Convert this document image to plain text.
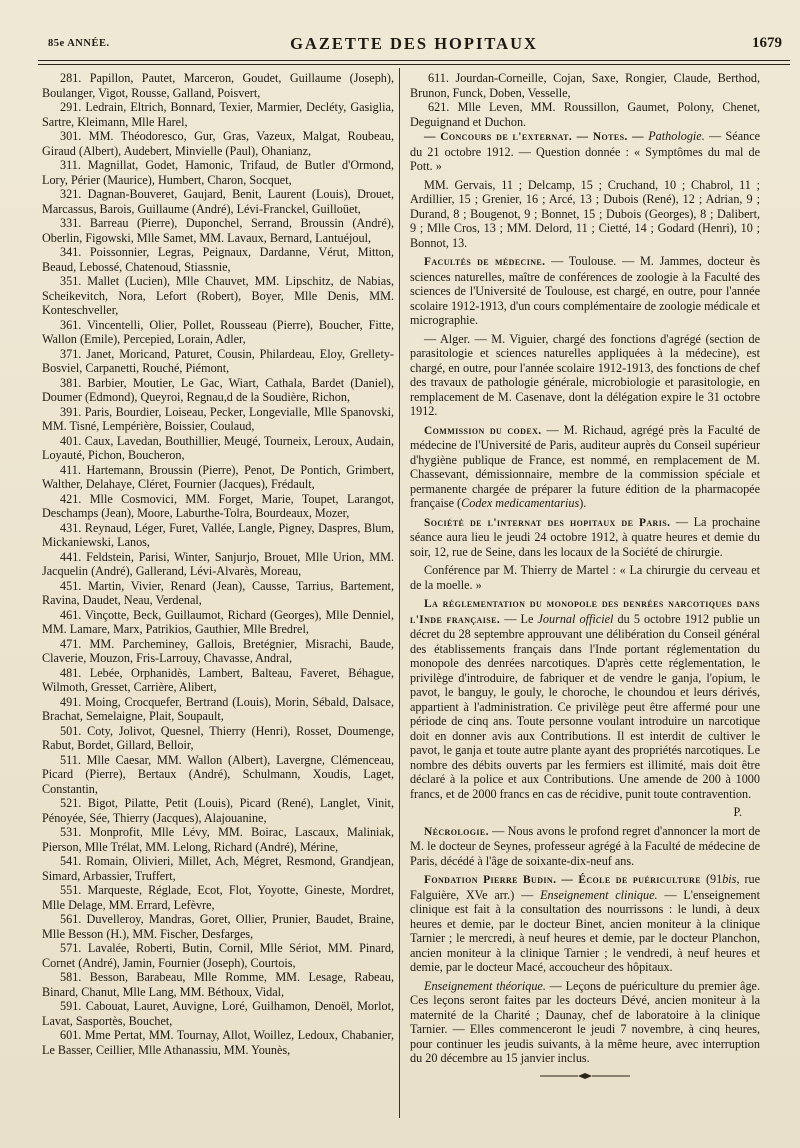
85e ANNÉE.	GAZETTE DES HOPITAUX	1679

281. Papillon, Pautet, Marceron, Goudet, Guillaume (Joseph), Boulanger, Vigot, Rousse, Galland, Poisvert,

291. Ledrain, Eltrich, Bonnard, Texier, Marmier, Decléty, Gasiglia, Sartre, Kleimann, Mlle Harel,

301. MM. Théodoresco, Gur, Gras, Vazeux, Malgat, Roubeau, Giraud (Albert), Audebert, Minvielle (Paul), Ohanianz,

311. Magnillat, Godet, Hamonic, Trifaud, de Butler d'Ormond, Lory, Périer (Maurice), Humbert, Charon, Socquet,

321. Dagnan-Bouveret, Gaujard, Benit, Laurent (Louis), Drouet, Marcassus, Barois, Guillaume (André), Lévi-Franckel, Guilloüet,

331. Barreau (Pierre), Duponchel, Serrand, Broussin (André), Oberlin, Figowski, Mlle Samet, MM. Lavaux, Bernard, Lantuéjoul,

341. Poissonnier, Legras, Peignaux, Dardanne, Vérut, Mitton, Beaud, Lebossé, Chatenoud, Stiassnie,

351. Mallet (Lucien), Mlle Chauvet, MM. Lipschitz, de Nabias, Scheikevitch, Nora, Lefort (Robert), Boyer, Mlle Denis, MM. Konteschveller,

361. Vincentelli, Olier, Pollet, Rousseau (Pierre), Boucher, Fitte, Wallon (Emile), Percepied, Lorain, Adler,

371. Janet, Moricand, Paturet, Cousin, Philardeau, Eloy, Grellety-Bosviel, Carpanetti, Rouché, Piémont,

381. Barbier, Moutier, Le Gac, Wiart, Cathala, Bardet (Daniel), Doumer (Edmond), Queyroi, Regnau,d de la Soudière, Richon,

391. Paris, Bourdier, Loiseau, Pecker, Longevialle, Mlle Spanovski, MM. Tisné, Lempérière, Boissier, Coulaud,

401. Caux, Lavedan, Bouthillier, Meugé, Tourneix, Leroux, Audain, Loyauté, Pichon, Boucheron,

411. Hartemann, Broussin (Pierre), Penot, De Pontich, Grimbert, Walther, Delahaye, Cléret, Fournier (Jacques), Frédault,

421. Mlle Cosmovici, MM. Forget, Marie, Toupet, Larangot, Deschamps (Jean), Moore, Laburthe-Tolra, Bourdeaux, Mozer,

431. Reynaud, Léger, Furet, Vallée, Langle, Pigney, Daspres, Blum, Mickaniewski, Lanos,

441. Feldstein, Parisi, Winter, Sanjurjo, Brouet, Mlle Urion, MM. Jacquelin (André), Gallerand, Lévi-Alvarès, Moreau,

451. Martin, Vivier, Renard (Jean), Causse, Tarrius, Bartement, Ravina, Daudet, Neau, Verdenal,

461. Vinçotte, Beck, Guillaumot, Richard (Georges), Mlle Denniel, MM. Lamare, Marx, Patrikios, Gauthier, Mlle Bredrel,

471. MM. Parcheminey, Gallois, Bretégnier, Misrachi, Baude, Claverie, Mouzon, Fris-Larrouy, Chavasse, Andral,

481. Lebée, Orphanidès, Lambert, Balteau, Faveret, Béhague, Wilmoth, Gresset, Carrière, Alibert,

491. Moing, Crocquefer, Bertrand (Louis), Morin, Sébald, Dalsace, Brachat, Semelaigne, Plait, Soupault,

501. Coty, Jolivot, Quesnel, Thierry (Henri), Rosset, Doumenge, Rabut, Bordet, Gillard, Belloir,

511. Mlle Caesar, MM. Wallon (Albert), Lavergne, Clémenceau, Picard (Pierre), Bertaux (André), Schulmann, Xoudis, Laget, Constantin,

521. Bigot, Pilatte, Petit (Louis), Picard (René), Langlet, Vinit, Pénoyée, Sée, Thierry (Jacques), Alajouanine,

531. Monprofit, Mlle Lévy, MM. Boirac, Lascaux, Maliniak, Pierson, Mlle Trélat, MM. Lelong, Richard (André), Mérine,

541. Romain, Olivieri, Millet, Ach, Mégret, Resmond, Grandjean, Simard, Arbassier, Truffert,

551. Marqueste, Réglade, Ecot, Flot, Yoyotte, Gineste, Mordret, Mlle Delage, MM. Errard, Lefèvre,

561. Duvelleroy, Mandras, Goret, Ollier, Prunier, Baudet, Braine, Mlle Besson (H.), MM. Fischer, Desfarges,

571. Lavalée, Roberti, Butin, Cornil, Mlle Sériot, MM. Pinard, Cornet (André), Jamin, Fournier (Joseph), Courtois,

581. Besson, Barabeau, Mlle Romme, MM. Lesage, Rabeau, Binard, Chanut, Mlle Lang, MM. Béthoux, Vidal,

591. Cabouat, Lauret, Auvigne, Loré, Guilhamon, Denoël, Morlot, Lavat, Sasportès, Bouchet,

601. Mme Pertat, MM. Tournay, Allot, Woillez, Ledoux, Chabanier, Le Basser, Ceillier, Mlle Athanassiu, MM. Younès,

611. Jourdan-Corneille, Cojan, Saxe, Rongier, Claude, Berthod, Brunon, Funck, Doben, Vesselle,

621. Mlle Leven, MM. Roussillon, Gaumet, Polony, Chenet, Deguignand et Duchon.

— Concours de l'externat. — Notes. — Pathologie. — Séance du 21 octobre 1912. — Question donnée : « Symptômes du mal de Pott. »

MM. Gervais, 11 ; Delcamp, 15 ; Cruchand, 10 ; Chabrol, 11 ; Ardillier, 15 ; Grenier, 16 ; Arcé, 13 ; Dubois (René), 12 ; Adrian, 9 ; Durand, 8 ; Bougenot, 9 ; Bonnet, 15 ; Dubois (Georges), 8 ; Dalibert, 9 ; Mlle Cros, 13 ; MM. Delord, 11 ; Cietté, 14 ; Godard (Henri), 10 ; Bonnot, 13.

Facultés de médecine. — Toulouse. — M. Jammes, docteur ès sciences naturelles, maître de conférences de zoologie à la Faculté des sciences de l'Université de Toulouse, est chargé, en outre, pour l'année scolaire 1912-1913, d'un cours complémentaire de zoologie médicale et micrographie.

— Alger. — M. Viguier, chargé des fonctions d'agrégé (section de parasitologie et sciences naturelles appliquées à la médecine), est chargé, en outre, pour l'année scolaire 1912-1913, des fonctions de chef des travaux de pathologie générale, microbiologie et parasitologie, en remplacement de M. Casenave, dont la délégation expire le 31 octobre 1912.

Commission du codex. — M. Richaud, agrégé près la Faculté de médecine de l'Université de Paris, auditeur auprès du Conseil supérieur d'hygiène publique de France, est nommé, en remplacement de M. Chassevant, démissionnaire, membre de la commission spéciale et permanente chargée de préparer la future édition de la pharmacopée française (Codex medicamentarius).

Société de l'internat des hopitaux de Paris. — La prochaine séance aura lieu le jeudi 24 octobre 1912, à quatre heures et demie du soir, 12, rue de Seine, dans les locaux de la Société de chirurgie.

Conférence par M. Thierry de Martel : « La chirurgie du cerveau et de la moelle. »

La réglementation du monopole des denrées narcotiques dans l'Inde française. — Le Journal officiel du 5 octobre 1912 publie un décret du 28 septembre approuvant une délibération du Conseil général des établissements français dans l'Inde portant réglementation du monopole des denrées narcotiques. D'après cette réglementation, le privilège d'introduire, de fabriquer et de vendre le ganja, l'opium, le pavot, le banguy, le gouly, le choroche, le choundou et leurs dérivés, appartient à l'administration. Ce privilège peut être affermé pour une période de cinq ans. Toute personne voulant introduire un narcotique doit en donner avis aux Contributions. Il est interdit de cultiver le pavot, le ganja et toute autre plante ayant des propriétés narcotiques. Le nombre des débits ouverts par les fermiers est illimité, mais doit être déclaré à la police et aux Contributions. Une amende de 200 à 1000 francs, et de 2000 francs en cas de récidive, punit toute contravention.

P.

Nécrologie. — Nous avons le profond regret d'annoncer la mort de M. le docteur de Seynes, professeur agrégé à la Faculté de médecine de Paris, décédé à l'âge de soixante-dix-neuf ans.

Fondation Pierre Budin. — École de puériculture (91bis, rue Falguière, XVe arr.) — Enseignement clinique. — L'enseignement clinique est fait à la consultation des nourrissons : le lundi, à deux heures et demie, par le docteur Binet, ancien moniteur à la clinique Tarnier ; le mercredi, à neuf heures et demie, par le docteur Planchon, ancien moniteur à la clinique Tarnier ; le vendredi, à neuf heures et demie, par le docteur Macé, accoucheur des hôpitaux.

Enseignement théorique. — Leçons de puériculture du premier âge. Ces leçons seront faites par les docteurs Dévé, ancien moniteur à la maternité de la Charité ; Daunay, chef de laboratoire à la clinique Tarnier. — Elles commenceront le jeudi 7 novembre, à cinq heures, pour continuer les jeudis suivants, à la même heure, avec interruption du 20 décembre au 15 janvier inclus.
